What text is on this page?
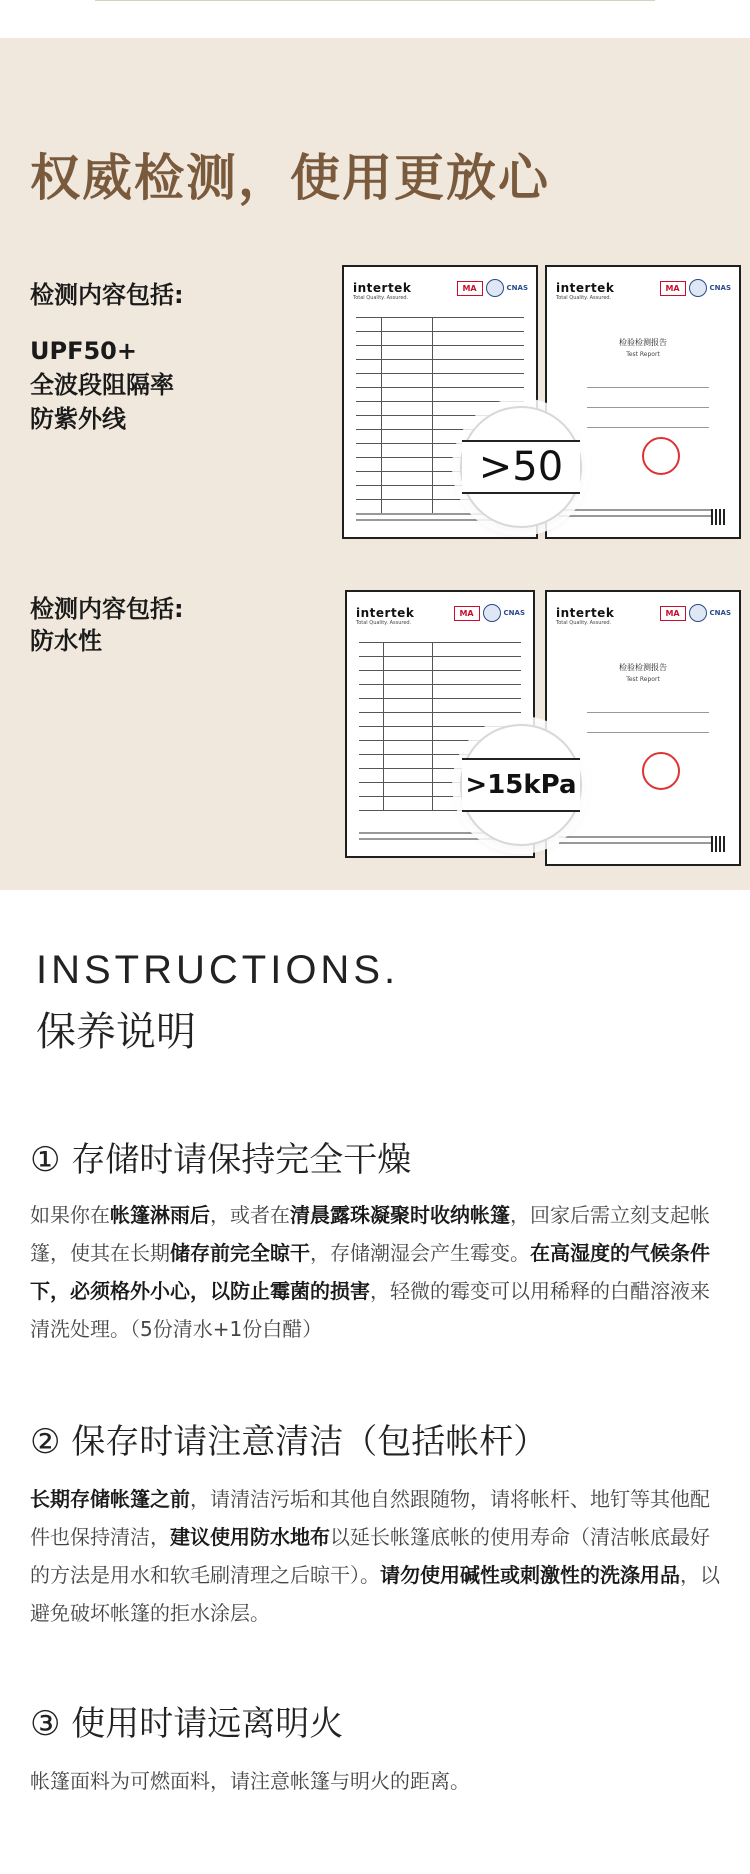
权威检测，使用更放心
检测内容包括:
UPF50+
全波段阻隔率
防紫外线
intertek
Total Quality. Assured.
MA	CNAS intertek
Total Quality. Assured.
MA	CNAS
检验检测报告
Test Report
>50
检测内容包括:
防水性
intertek
Total Quality. Assured.
MA	CNAS	intertek
Total Quality. Assured.
MA	CNAS
检验检测报告
Test Report
>15kPa
INSTRUCTIONS.
保养说明
① 存储时请保持完全干燥
如果你在帐篷淋雨后，或者在清晨露珠凝聚时收纳帐篷，回家后需立刻支起帐篷，使其在长期储存前完全晾干，存储潮湿会产生霉变。在高湿度的气候条件下，必须格外小心，以防止霉菌的损害，轻微的霉变可以用稀释的白醋溶液来清洗处理。（5份清水+1份白醋）
② 保存时请注意清洁（包括帐杆）
长期存储帐篷之前，请清洁污垢和其他自然跟随物，请将帐杆、地钉等其他配件也保持清洁，建议使用防水地布以延长帐篷底帐的使用寿命（清洁帐底最好的方法是用水和软毛刷清理之后晾干）。请勿使用碱性或刺激性的洗涤用品，以避免破坏帐篷的拒水涂层。
③ 使用时请远离明火
帐篷面料为可燃面料，请注意帐篷与明火的距离。
